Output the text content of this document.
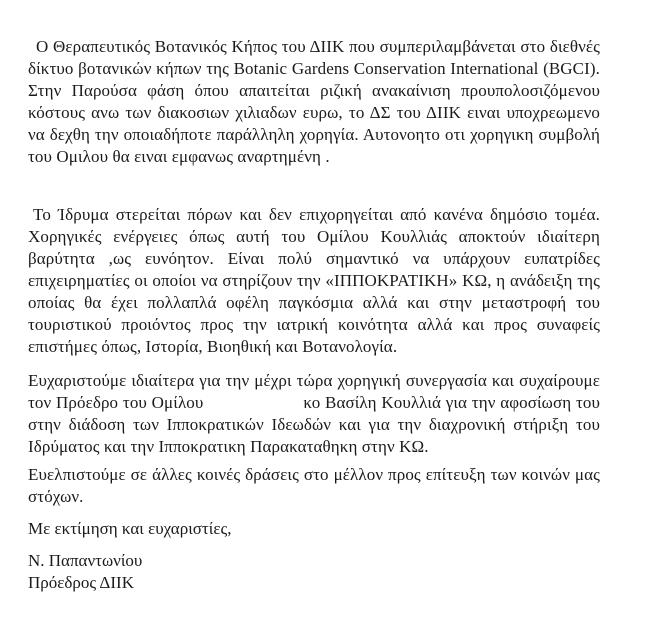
Ο Θεραπευτικός Βοτανικός Κήπος του ΔΙΙΚ που συμπεριλαμβάνεται στο διεθνές δίκτυο βοτανικών κήπων της Botanic Gardens Conservation International (BGCI). Στην Παρούσα φάση όπου απαιτείται ριζική ανακαίνιση προυπολοσιζόμενου κόστους ανω των διακοσιων χιλιαδων ευρω, το ΔΣ του ΔΙΙΚ ειναι υποχρεωμενο να δεχθη την οποιαδήποτε παράλληλη χορηγία. Αυτονοητο οτι χορηγικη συμβολή του Ομιλου θα ειναι εμφανως αναρτημένη .

Το Ίδρυμα στερείται πόρων και δεν επιχορηγείται από κανένα δημόσιο τομέα. Χορηγικές ενέργειες όπως αυτή του Ομίλου Κουλλιάς αποκτούν ιδιαίτερη βαρύτητα ,ως ευνόητον. Είναι πολύ σημαντικό να υπάρχουν ευπατρίδες επιχειρηματίες οι οποίοι να στηρίζουν την «ΙΠΠΟΚΡΑΤΙΚΗ» ΚΩ, η ανάδειξη της οποίας θα έχει πολλαπλά οφέλη παγκόσμια αλλά και στην μεταστροφή του τουριστικού προιόντος προς την ιατρική κοινότητα αλλά και προς συναφείς επιστήμες όπως, Ιστορία, Βιοηθική και Βοτανολογία.

Ευχαριστούμε ιδιαίτερα για την μέχρι τώρα χορηγική συνεργασία και συχαίρουμε τον Πρόεδρο του Ομίλου	κο Βασίλη Κουλλιά για την αφοσίωση του στην διάδοση των Ιπποκρατικών Ιδεωδών και για την διαχρονική στήριξη του Ιδρύματος και την Ιπποκρατικη Παρακαταθηκη στην ΚΩ.

Ευελπιστούμε σε άλλες κοινές δράσεις στο μέλλον προς επίτευξη των κοινών μας στόχων.

Με εκτίμηση και ευχαριστίες,

Ν. Παπαντωνίου

Πρόεδρος ΔΙΙΚ
